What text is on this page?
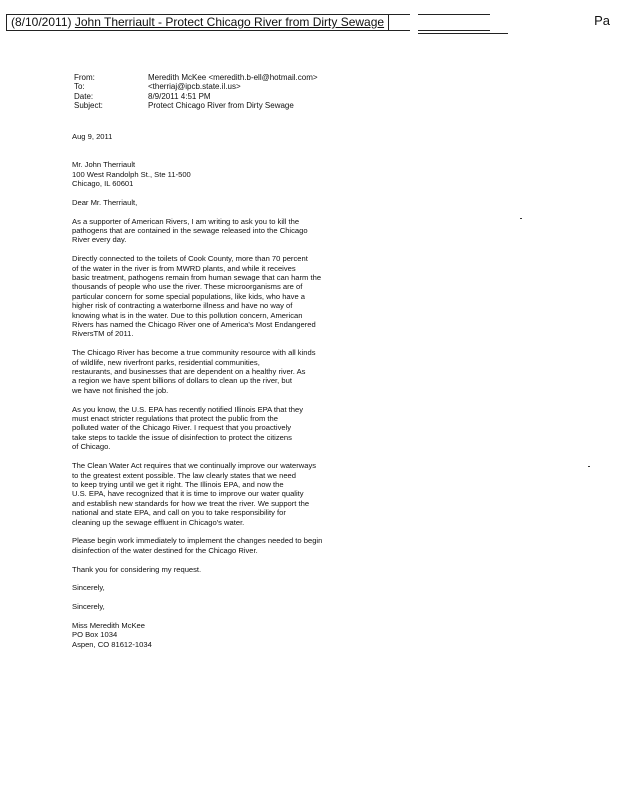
(8/10/2011) John Therriault - Protect Chicago River from Dirty Sewage	Pa
From:	Meredith McKee <meredith.b-ell@hotmail.com>
To:	<therriaj@ipcb.state.il.us>
Date:	8/9/2011 4:51 PM
Subject:	Protect Chicago River from Dirty Sewage

Aug 9, 2011

Mr. John Therriault

100 West Randolph St., Ste 11-500

Chicago, IL 60601

Dear Mr. Therriault,

As a supporter of American Rivers, I am writing to ask you to kill the
pathogens that are contained in the sewage released into the Chicago
River every day.

Directly connected to the toilets of Cook County, more than 70 percent
of the water in the river is from MWRD plants, and while it receives
basic treatment, pathogens remain from human sewage that can harm the
thousands of people who use the river. These microorganisms are of
particular concern for some special populations, like kids, who have a
higher risk of contracting a waterborne illness and have no way of
knowing what is in the water. Due to this pollution concern, American
Rivers has named the Chicago River one of America's Most Endangered
RiversTM of 2011.

The Chicago River has become a true community resource with all kinds
of wildlife, new riverfront parks, residential communities,
restaurants, and businesses that are dependent on a healthy river. As
a region we have spent billions of dollars to clean up the river, but
we have not finished the job.

As you know, the U.S. EPA has recently notified Illinois EPA that they
must enact stricter regulations that protect the public from the
polluted water of the Chicago River. I request that you proactively
take steps to tackle the issue of disinfection to protect the citizens
of Chicago.

The Clean Water Act requires that we continually improve our waterways
to the greatest extent possible. The law clearly states that we need
to keep trying until we get it right. The Illinois EPA, and now the
U.S. EPA, have recognized that it is time to improve our water quality
and establish new standards for how we treat the river. We support the
national and state EPA, and call on you to take responsibility for
cleaning up the sewage effluent in Chicago's water.

Please begin work immediately to implement the changes needed to begin
disinfection of the water destined for the Chicago River.

Thank you for considering my request.

Sincerely,

Sincerely,

Miss Meredith McKee

PO Box 1034

Aspen, CO 81612-1034
